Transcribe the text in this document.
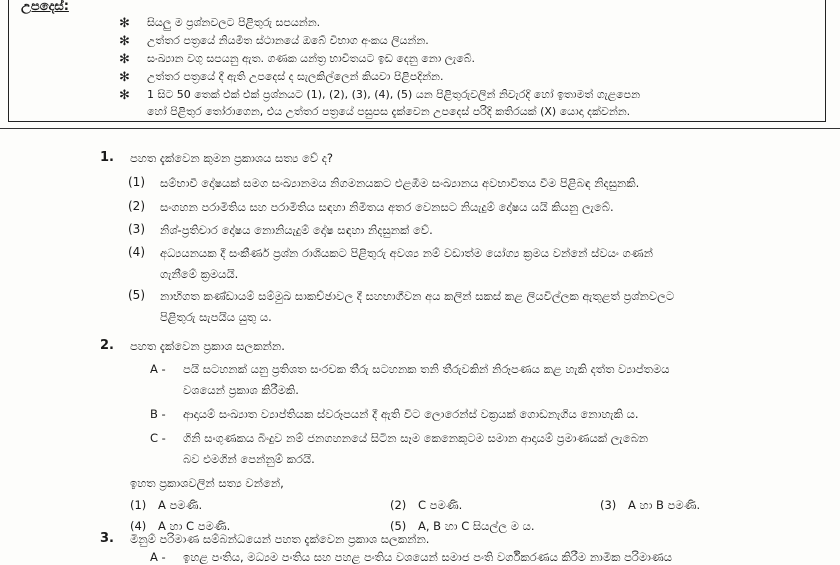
උපදෙස්:
✻ සියලු ම ප්‍රශ්නවලට පිළිතුරු සපයන්න.
✻ උත්තර පත්‍රයේ නියමිත ස්ථානයේ ඔබේ විභාග අංකය ලියන්න.
✻ සංඛ්‍යාන වගු සපයනු ඇත. ගණක යන්ත්‍ර භාවිතයට ඉඩ දෙනු නො ලැබේ.
✻ උත්තර පත්‍රයේ දී ඇති උපදෙස් ද සැලකිල්ලෙන් කියවා පිළිපදින්න.
✻ 1 සිට 50 තෙක් එක් එක් ප්‍රශ්නයට (1), (2), (3), (4), (5) යන පිළිතුරුවලින් නිවැරදි හෝ ඉතාමත් ගැළපෙන
හෝ පිළිතුර තෝරාගෙන, එය උත්තර පත්‍රයේ පසුපස දැක්වෙන උපදෙස් පරිදි කතිරයක් (X) යොදා දක්වන්න.
1. පහත දැක්වෙන කුමන ප්‍රකාශය සත්‍ය වේ ද?
(1) සම්භාවී දෝෂයක් සමග සංඛ්‍යානමය නිගමනයකට එළඹීම සංඛ්‍යානය අවභාවිතය වීම පිළිබඳ නිදසුනකි.
(2) සංගහන පරාමිතිය සහ පරාමිතිය සඳහා නිමිතය අතර වෙනසට නියැදුම් දෝෂය යයි කියනු ලැබේ.
(3) නිශ්-ප්‍රතිචාර දෝෂය නොනියැදුම් දෝෂ සඳහා නිදසුනක් වේ.
(4) අධ්‍යයනයක දී සංකීර්ණ ප්‍රශ්න රාශියකට පිළිතුරු අවශ්‍ය නම් වඩාත්ම යෝග්‍ය ක්‍රමය වන්නේ ස්වයං ගණන්
ගැනීමේ ක්‍රමයයි.
(5) නාභිගත කණ්ඩායම් සම්මුඛ සාකච්ඡාවල දී සහභාගීවන අය කලින් සකස් කළ ලියවිල්ලක ඇතුළත් ප්‍රශ්නවලට
පිළිතුරු සැපයිය යුතු ය.
2. පහත දැක්වෙන ප්‍රකාශ සලකන්න.
A - පයි සටහනක් යනු ප්‍රතිශත සංරචක තීරු සටහනක තනි තීරුවකින් නිරූපණය කළ හැකි දත්ත ව්‍යාප්තමය
වශයෙන් ප්‍රකාශ කිරීමකි.
B - ආදායම් සංඛ්‍යාත ව්‍යාප්තියක ස්වරූපයන් දී ඇති විට ලොරෙන්ස් වක්‍රයක් ගොඩනැගිය නොහැකි ය.
C - ගිනි සංගුණකය බිංදුව නම් ජනගහනයේ සිටින සෑම කෙනෙකුටම සමාන ආදායම් ප්‍රමාණයක් ලැබෙන
බව එමගින් පෙන්නුම් කරයි.
ඉහත ප්‍රකාශවලින් සත්‍ය වන්නේ,
(1) A පමණි.	(2) C පමණි.	(3) A හා B පමණි.
(4) A හා C පමණි.	(5) A, B හා C සියල්ල ම ය.
3. මිනුම් පරිමාණ සම්බන්ධයෙන් පහත දැක්වෙන ප්‍රකාශ සලකන්න.
A - ඉහළ පංතිය, මධ්‍යම පංතිය සහ පහළ පංතිය වශයෙන් සමාජ පංති වර්ගීකරණය කිරීම නාමික පරිමාණය
